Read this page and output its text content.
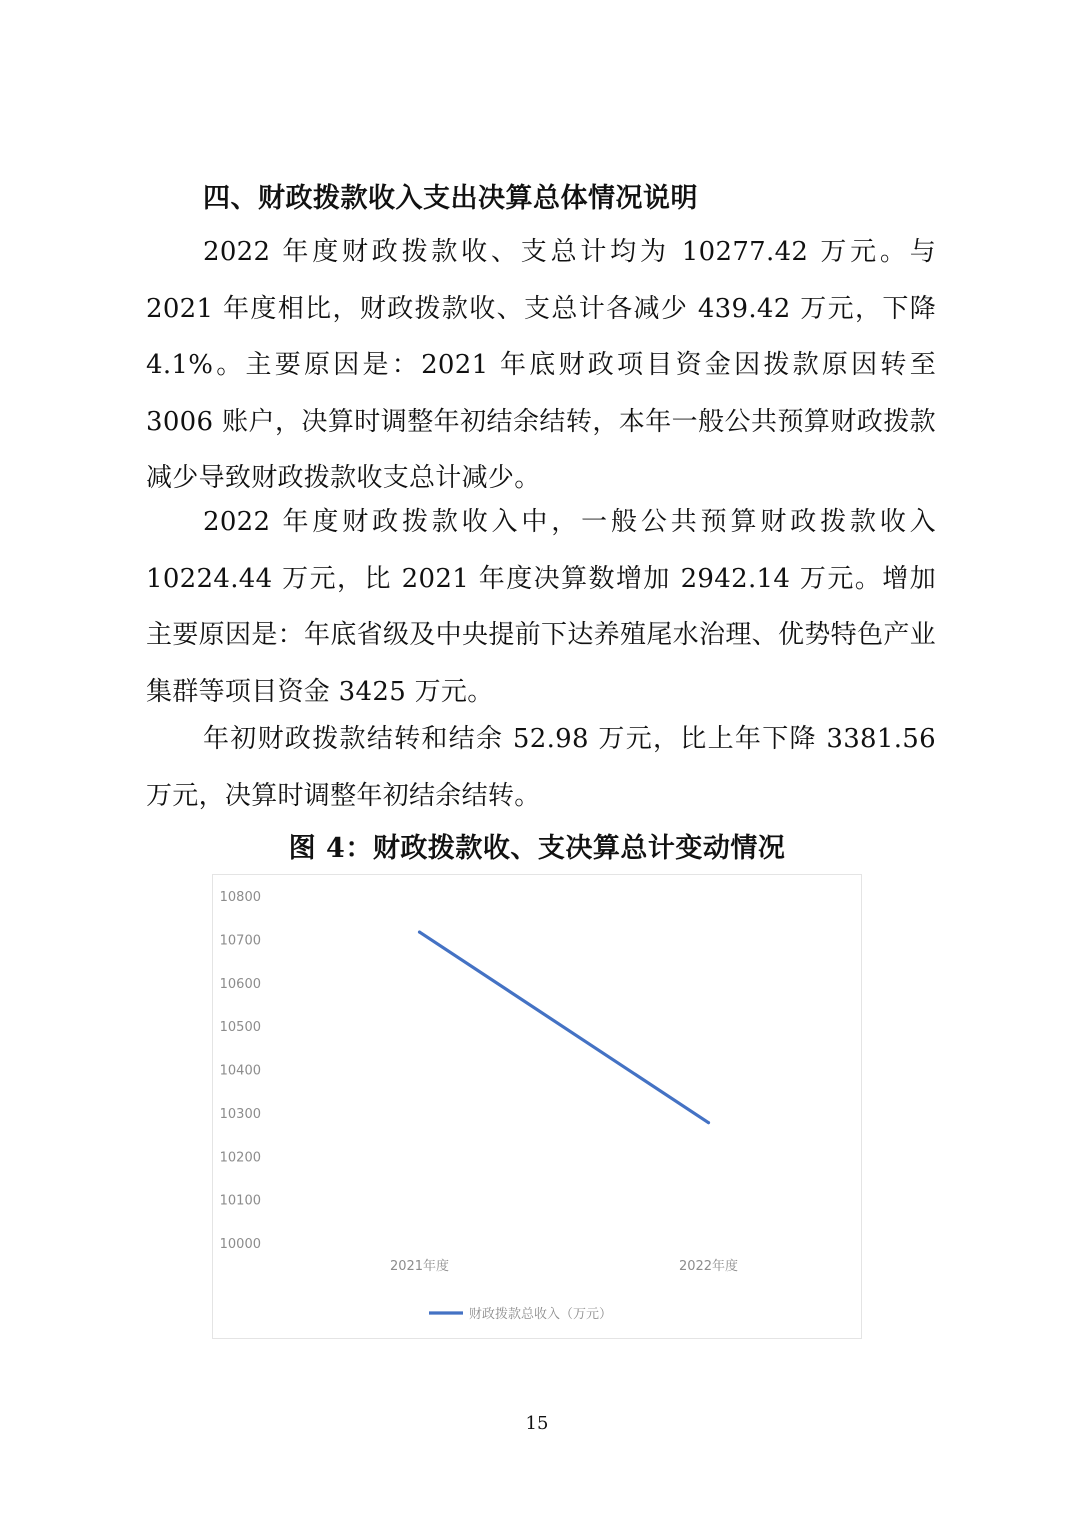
四、财政拨款收入支出决算总体情况说明
2022 年度财政拨款收、支总计均为 10277.42 万元。与 2021 年度相比，财政拨款收、支总计各减少 439.42 万元，下降 4.1%。主要原因是：2021 年底财政项目资金因拨款原因转至 3006 账户，决算时调整年初结余结转，本年一般公共预算财政拨款减少导致财政拨款收支总计减少。
2022 年度财政拨款收入中，一般公共预算财政拨款收入 10224.44 万元，比 2021 年度决算数增加 2942.14 万元。增加主要原因是：年底省级及中央提前下达养殖尾水治理、优势特色产业集群等项目资金 3425 万元。
年初财政拨款结转和结余 52.98 万元，比上年下降 3381.56 万元，决算时调整年初结余结转。
图 4：财政拨款收、支决算总计变动情况
10000
10100
10200
10300
10400
10500
10600
10700
10800
2021年度	2022年度
财政拨款总收入（万元）
15
